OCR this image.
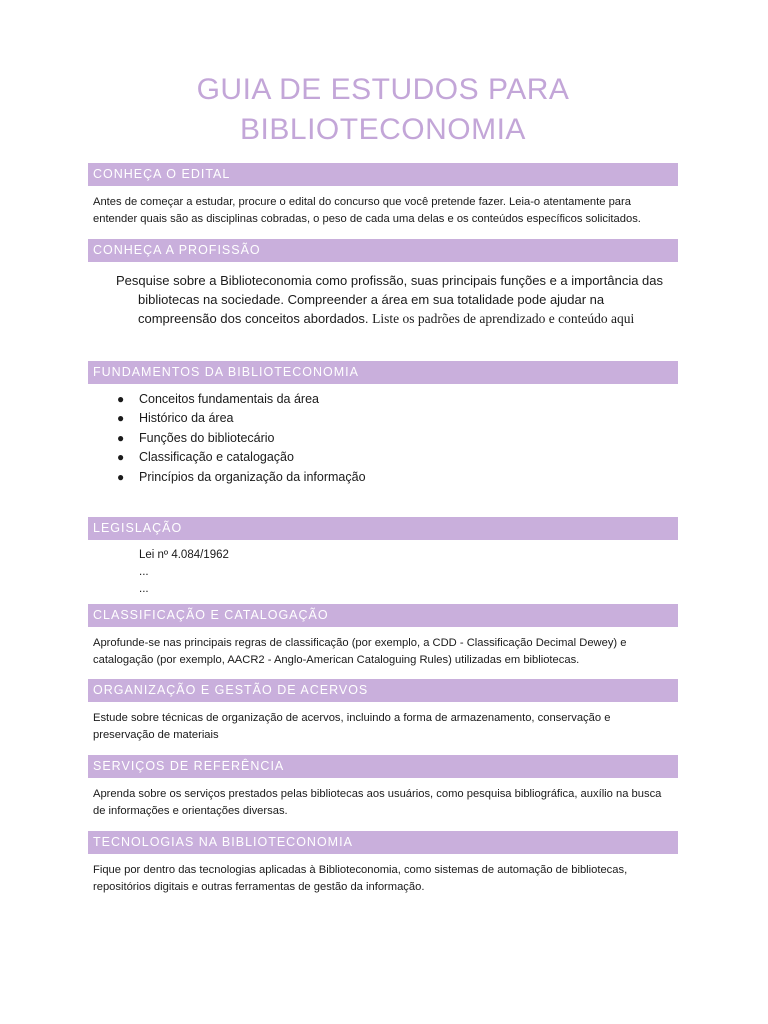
GUIA DE ESTUDOS PARA
BIBLIOTECONOMIA
CONHEÇA O EDITAL
Antes de começar a estudar, procure o edital do concurso que você pretende fazer. Leia-o atentamente para entender quais são as disciplinas cobradas, o peso de cada uma delas e os conteúdos específicos solicitados.
CONHEÇA A PROFISSÃO
Pesquise sobre a Biblioteconomia como profissão, suas principais funções e a importância das bibliotecas na sociedade. Compreender a área em sua totalidade pode ajudar na compreensão dos conceitos abordados. Liste os padrões de aprendizado e conteúdo aqui
FUNDAMENTOS DA BIBLIOTECONOMIA
● Conceitos fundamentais da área
● Histórico da área
● Funções do bibliotecário
● Classificação e catalogação
● Princípios da organização da informação
LEGISLAÇÃO
Lei nº 4.084/1962
...
...
CLASSIFICAÇÃO E CATALOGAÇÃO
Aprofunde-se nas principais regras de classificação (por exemplo, a CDD - Classificação Decimal Dewey) e catalogação (por exemplo, AACR2 - Anglo-American Cataloguing Rules) utilizadas em bibliotecas.
ORGANIZAÇÃO E GESTÃO DE ACERVOS
Estude sobre técnicas de organização de acervos, incluindo a forma de armazenamento, conservação e preservação de materiais
SERVIÇOS DE REFERÊNCIA
Aprenda sobre os serviços prestados pelas bibliotecas aos usuários, como pesquisa bibliográfica, auxílio na busca de informações e orientações diversas.
TECNOLOGIAS NA BIBLIOTECONOMIA
Fique por dentro das tecnologias aplicadas à Biblioteconomia, como sistemas de automação de bibliotecas, repositórios digitais e outras ferramentas de gestão da informação.
